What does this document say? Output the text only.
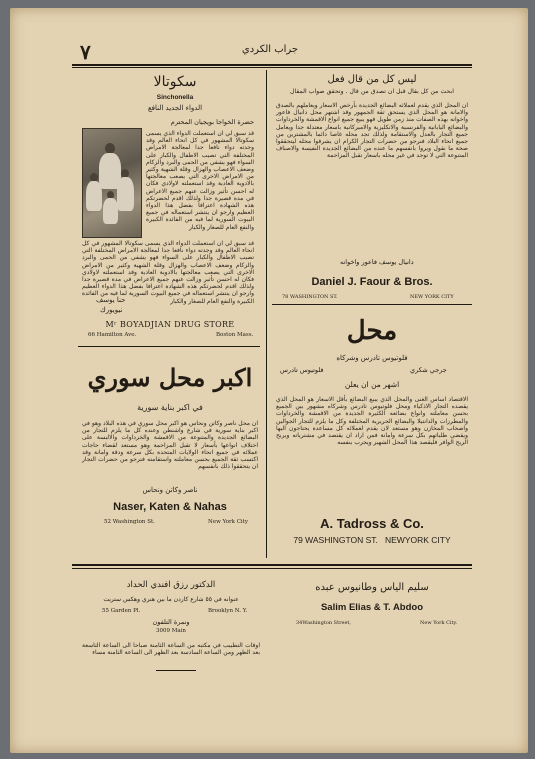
٧	جراب الكردي
سكوتالا
Sinchonella
الدواء الجديد النافع
حضرة الخواجا بويجيان المحترم
قد سبق لي ان استعملت الدواء الذي يسمى سكوتالا المشهور في كل انحاء العالم وقد وجدته دواء نافعا جدا لمعالجة الامراض المختلفة التي تصيب الاطفال والكبار على السواء فهو يشفي من الحمى والبرد والزكام وضعف الاعصاب والهزال وقلة الشهية وكثير من الامراض الاخرى التي يصعب معالجتها بالادوية العادية وقد استعملته لاولادي فكان له احسن تأثير وزالت عنهم جميع الاعراض في مدة قصيرة جدا ولذلك اقدم لحضرتكم هذه الشهادة اعترافا بفضل هذا الدواء العظيم وارجو ان ينتشر استعماله في جميع البيوت السورية لما فيه من الفائدة الكبيرة والنفع العام للصغار والكبار
قد سبق لي ان استعملت الدواء الذي يسمى سكوتالا المشهور في كل انحاء العالم وقد وجدته دواء نافعا جدا لمعالجة الامراض المختلفة التي تصيب الاطفال والكبار على السواء فهو يشفي من الحمى والبرد والزكام وضعف الاعصاب والهزال وقلة الشهية وكثير من الامراض الاخرى التي يصعب معالجتها بالادوية العادية وقد استعملته لاولادي فكان له احسن تأثير وزالت عنهم جميع الاعراض في مدة قصيرة جدا ولذلك اقدم لحضرتكم هذه الشهادة اعترافا بفضل هذا الدواء العظيم وارجو ان ينتشر استعماله في جميع البيوت السورية لما فيه من الفائدة الكبيرة والنفع العام للصغار والكبار
حنا يوسف
نيويورك
Mʳ BOYADJIAN DRUG STORE
66 Hamilton Ave.	Boston Mass.
اكبر محل سوري
في اكبر بناية سورية
ان محل ناصر وكاتن ونحاس هو اكبر محل سوري في هذه البلاد وهو في اكبر بناية سورية في شارع واشنطن وعنده كل ما يلزم للتجار من البضائع الجديدة والمتنوعة من الاقمشة والخرداوات والالبسة على اختلاف انواعها بأسعار لا تقبل المزاحمة وهو مستعد لقضاء حاجات عملائه في جميع انحاء الولايات المتحدة بكل سرعة ودقة وامانة وقد اكتسب ثقة الجميع بحسن معاملته واستقامته فنرجو من حضرات التجار ان يتحققوا ذلك بانفسهم
ناصر وكاتن ونحاس
Naser, Katen & Nahas
52 Washington St.	New York City
ليس كل من قال فعل
ابحث من كل بقال قبل ان تصدق من قال . وتحقق صواب المقال
ان المحل الذي يقدم لعملائه البضائع الجديدة بأرخص الاسعار ويعاملهم بالصدق والامانة هو المحل الذي يستحق ثقة الجمهور وقد اشتهر محل دانيال فاعور واخوانه بهذه الصفات منذ زمن طويل فهو يبيع جميع انواع الاقمشة والخرداوات والبضائع اليابانية والفرنسية والانكليزية والاميركانية باسعار معتدلة جدا ويعامل جميع التجار بالعدل والاستقامة ولذلك تجد محله غاصا دائما بالمشترين من جميع انحاء البلاد فنرجو من حضرات التجار الكرام ان يشرفوا محله ليتحققوا صحة ما نقول ويروا بانفسهم ما عنده من البضائع الجديدة النفيسة والاصناف المتنوعة التي لا توجد في غير محله باسعار تقبل المزاحمة
دانيال يوسف فاعور واخوانه
Daniel J. Faour & Bros.
78 WASHINGTON ST.	NEW YORK CITY
محل
فلوتيوس تادرس وشركاه
فلوتيوس تادرس	جرجي شكري
اشهر من ان يعلن
الاقتصاد اساس الغنى والمحل الذي يبيع البضائع بأقل الاسعار هو المحل الذي يقصده التجار الاذكياء ومحل فلوتيوس تادرس وشركاه مشهور بين الجميع بحسن معاملته وانواع بضائعه الكثيرة الجديدة من الاقمشة والخرداوات والمطرزات والدانتيلا والبضائع الحريرية المختلفة وكل ما يلزم للتجار الجوالين واصحاب المخازن وهو مستعد لان يقدم لعملائه كل مساعدة يحتاجون اليها ويقضي طلباتهم بكل سرعة وامانة فمن اراد ان يقتصد في مشترياته ويربح الربح الوافر فليقصد هذا المحل الشهير ويجرب بنفسه
A. Tadross & Co.
79 WASHINGTON ST.   NEWYORK CITY
الدكتور رزق افندي الحداد
عنوانه في ٥٥ شارع كاردن ما بين هنري وهكس ستريت
55 Garden Pl.	Brooklyn N. Y.
ونمرة التلفون
3009 Main
اوقات التطبيب في مكتبه من الساعة الثامنة صباحا الى الساعة التاسعة بعد الظهر ومن الساعة السادسة بعد الظهر الى الساعة الثامنة مساء
سليم الياس وطانيوس عبده
Salim Elias & T. Abdoo
34Washington Street,	New York City.
